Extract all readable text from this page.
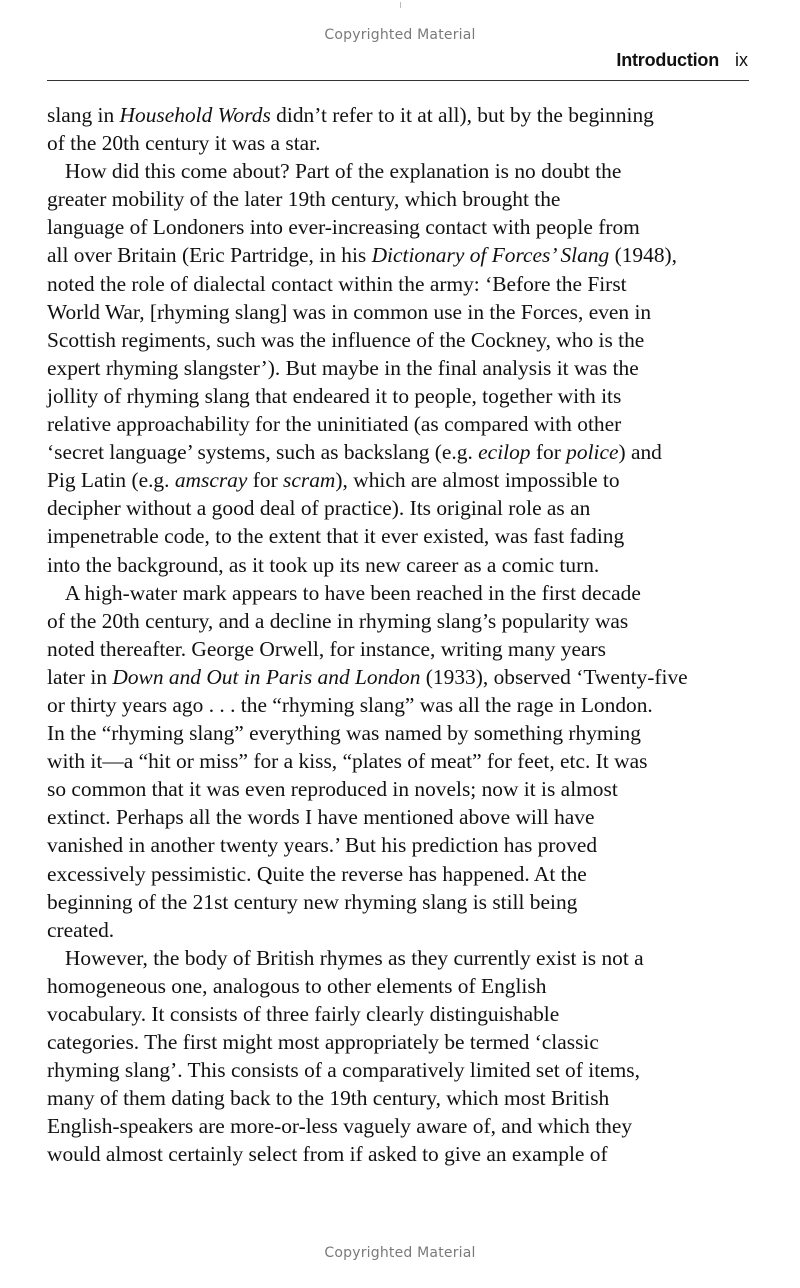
Copyrighted Material
Introduction ix
slang in Household Words didn’t refer to it at all), but by the beginning
of the 20th century it was a star.
How did this come about? Part of the explanation is no doubt the
greater mobility of the later 19th century, which brought the
language of Londoners into ever-increasing contact with people from
all over Britain (Eric Partridge, in his Dictionary of Forces’ Slang (1948),
noted the role of dialectal contact within the army: ‘Before the First
World War, [rhyming slang] was in common use in the Forces, even in
Scottish regiments, such was the influence of the Cockney, who is the
expert rhyming slangster’). But maybe in the final analysis it was the
jollity of rhyming slang that endeared it to people, together with its
relative approachability for the uninitiated (as compared with other
‘secret language’ systems, such as backslang (e.g. ecilop for police) and
Pig Latin (e.g. amscray for scram), which are almost impossible to
decipher without a good deal of practice). Its original role as an
impenetrable code, to the extent that it ever existed, was fast fading
into the background, as it took up its new career as a comic turn.
A high-water mark appears to have been reached in the first decade
of the 20th century, and a decline in rhyming slang’s popularity was
noted thereafter. George Orwell, for instance, writing many years
later in Down and Out in Paris and London (1933), observed ‘Twenty-five
or thirty years ago . . . the “rhyming slang” was all the rage in London.
In the “rhyming slang” everything was named by something rhyming
with it—a “hit or miss” for a kiss, “plates of meat” for feet, etc. It was
so common that it was even reproduced in novels; now it is almost
extinct. Perhaps all the words I have mentioned above will have
vanished in another twenty years.’ But his prediction has proved
excessively pessimistic. Quite the reverse has happened. At the
beginning of the 21st century new rhyming slang is still being
created.
However, the body of British rhymes as they currently exist is not a
homogeneous one, analogous to other elements of English
vocabulary. It consists of three fairly clearly distinguishable
categories. The first might most appropriately be termed ‘classic
rhyming slang’. This consists of a comparatively limited set of items,
many of them dating back to the 19th century, which most British
English-speakers are more-or-less vaguely aware of, and which they
would almost certainly select from if asked to give an example of
Copyrighted Material
